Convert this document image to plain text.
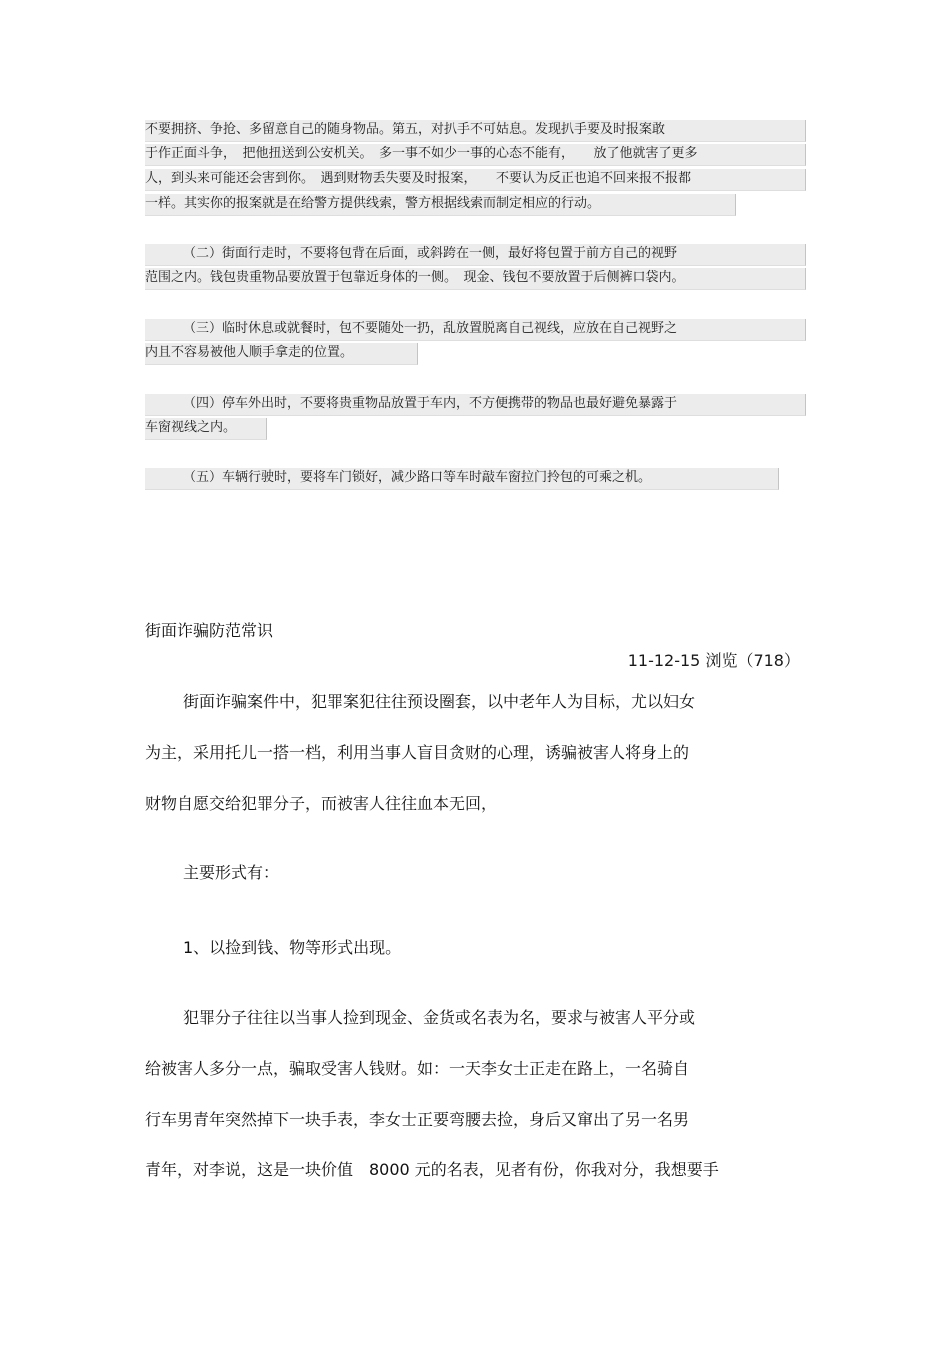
不要拥挤、争抢、多留意自己的随身物品。第五，对扒手不可姑息。发现扒手要及时报案敢
于作正面斗争，　把他扭送到公安机关。　多一事不如少一事的心态不能有，　　放了他就害了更多
人，到头来可能还会害到你。　遇到财物丢失要及时报案，　　不要认为反正也追不回来报不报都
一样。其实你的报案就是在给警方提供线索，警方根据线索而制定相应的行动。
（二）街面行走时，不要将包背在后面，或斜跨在一侧，最好将包置于前方自己的视野
范围之内。钱包贵重物品要放置于包靠近身体的一侧。　现金、钱包不要放置于后侧裤口袋内。
（三）临时休息或就餐时，包不要随处一扔，乱放置脱离自己视线，应放在自己视野之
内且不容易被他人顺手拿走的位置。
（四）停车外出时，不要将贵重物品放置于车内，不方便携带的物品也最好避免暴露于
车窗视线之内。
（五）车辆行驶时，要将车门锁好，减少路口等车时敲车窗拉门拎包的可乘之机。
街面诈骗防范常识
11-12-15 浏览（718）
街面诈骗案件中，犯罪案犯往往预设圈套，以中老年人为目标，尤以妇女
为主，采用托儿一搭一档，利用当事人盲目贪财的心理，诱骗被害人将身上的
财物自愿交给犯罪分子，而被害人往往血本无回，
主要形式有：
1、以捡到钱、物等形式出现。
犯罪分子往往以当事人捡到现金、金货或名表为名，要求与被害人平分或
给被害人多分一点，骗取受害人钱财。如：一天李女士正走在路上，一名骑自
行车男青年突然掉下一块手表，李女士正要弯腰去捡，身后又窜出了另一名男
青年，对李说，这是一块价值　8000 元的名表，见者有份，你我对分，我想要手
